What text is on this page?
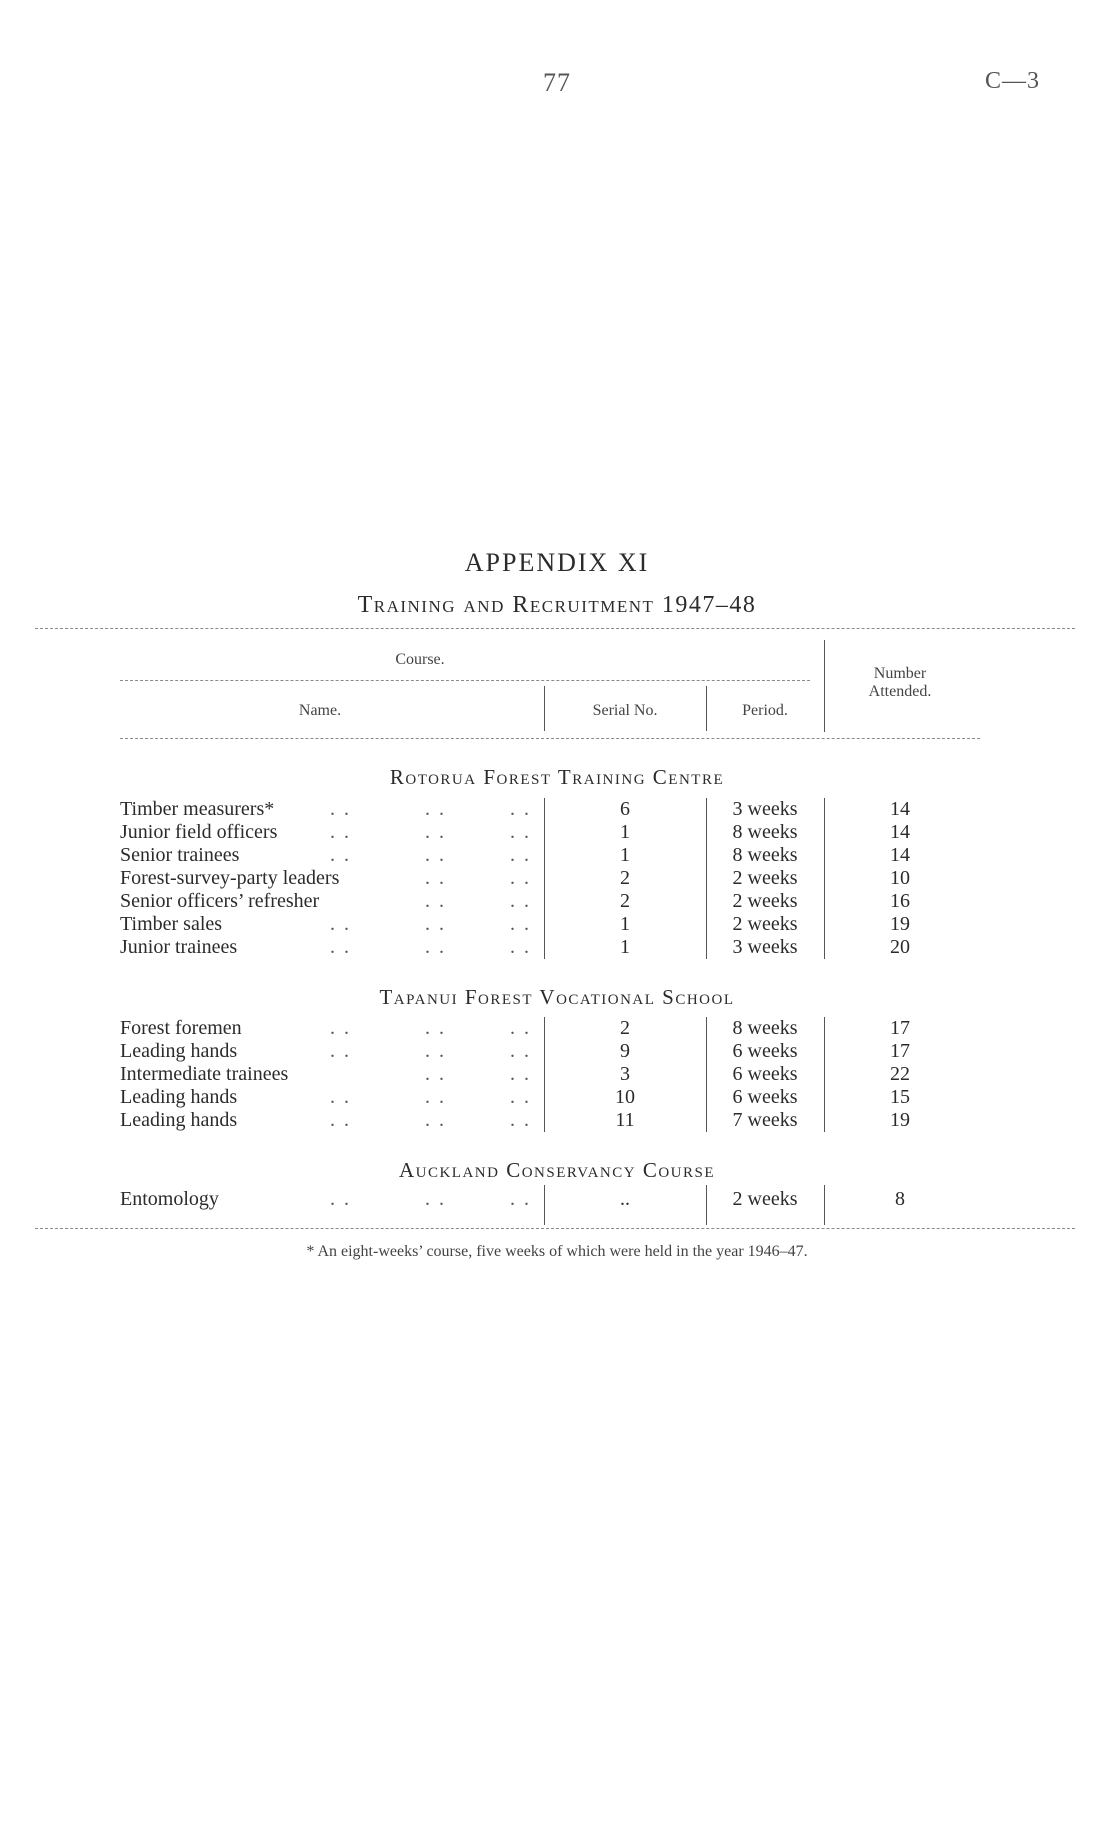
77	C—3
APPENDIX XI
Training and Recruitment 1947–48
Course.
Name.	Serial No.	Period.
Number Attended.
Rotorua Forest Training Centre
Timber measurers*	. .	. .	. .	6	3 weeks	14
Junior field officers	. .	. .	. .	1	8 weeks	14
Senior trainees	. .	. .	. .	1	8 weeks	14
Forest-survey-party leaders	. .	. .	2	2 weeks	10
Senior officers’ refresher	. .	. .	2	2 weeks	16
Timber sales	. .	. .	. .	1	2 weeks	19
Junior trainees	. .	. .	. .	1	3 weeks	20
Tapanui Forest Vocational School
Forest foremen	. .	. .	. .	2	8 weeks	17
Leading hands	. .	. .	. .	9	6 weeks	17
Intermediate trainees	. .	. .	3	6 weeks	22
Leading hands	. .	. .	. .	10	6 weeks	15
Leading hands	. .	. .	. .	11	7 weeks	19
Auckland Conservancy Course
Entomology	. .	. .	. .	..	2 weeks	8
* An eight-weeks’ course, five weeks of which were held in the year 1946–47.
